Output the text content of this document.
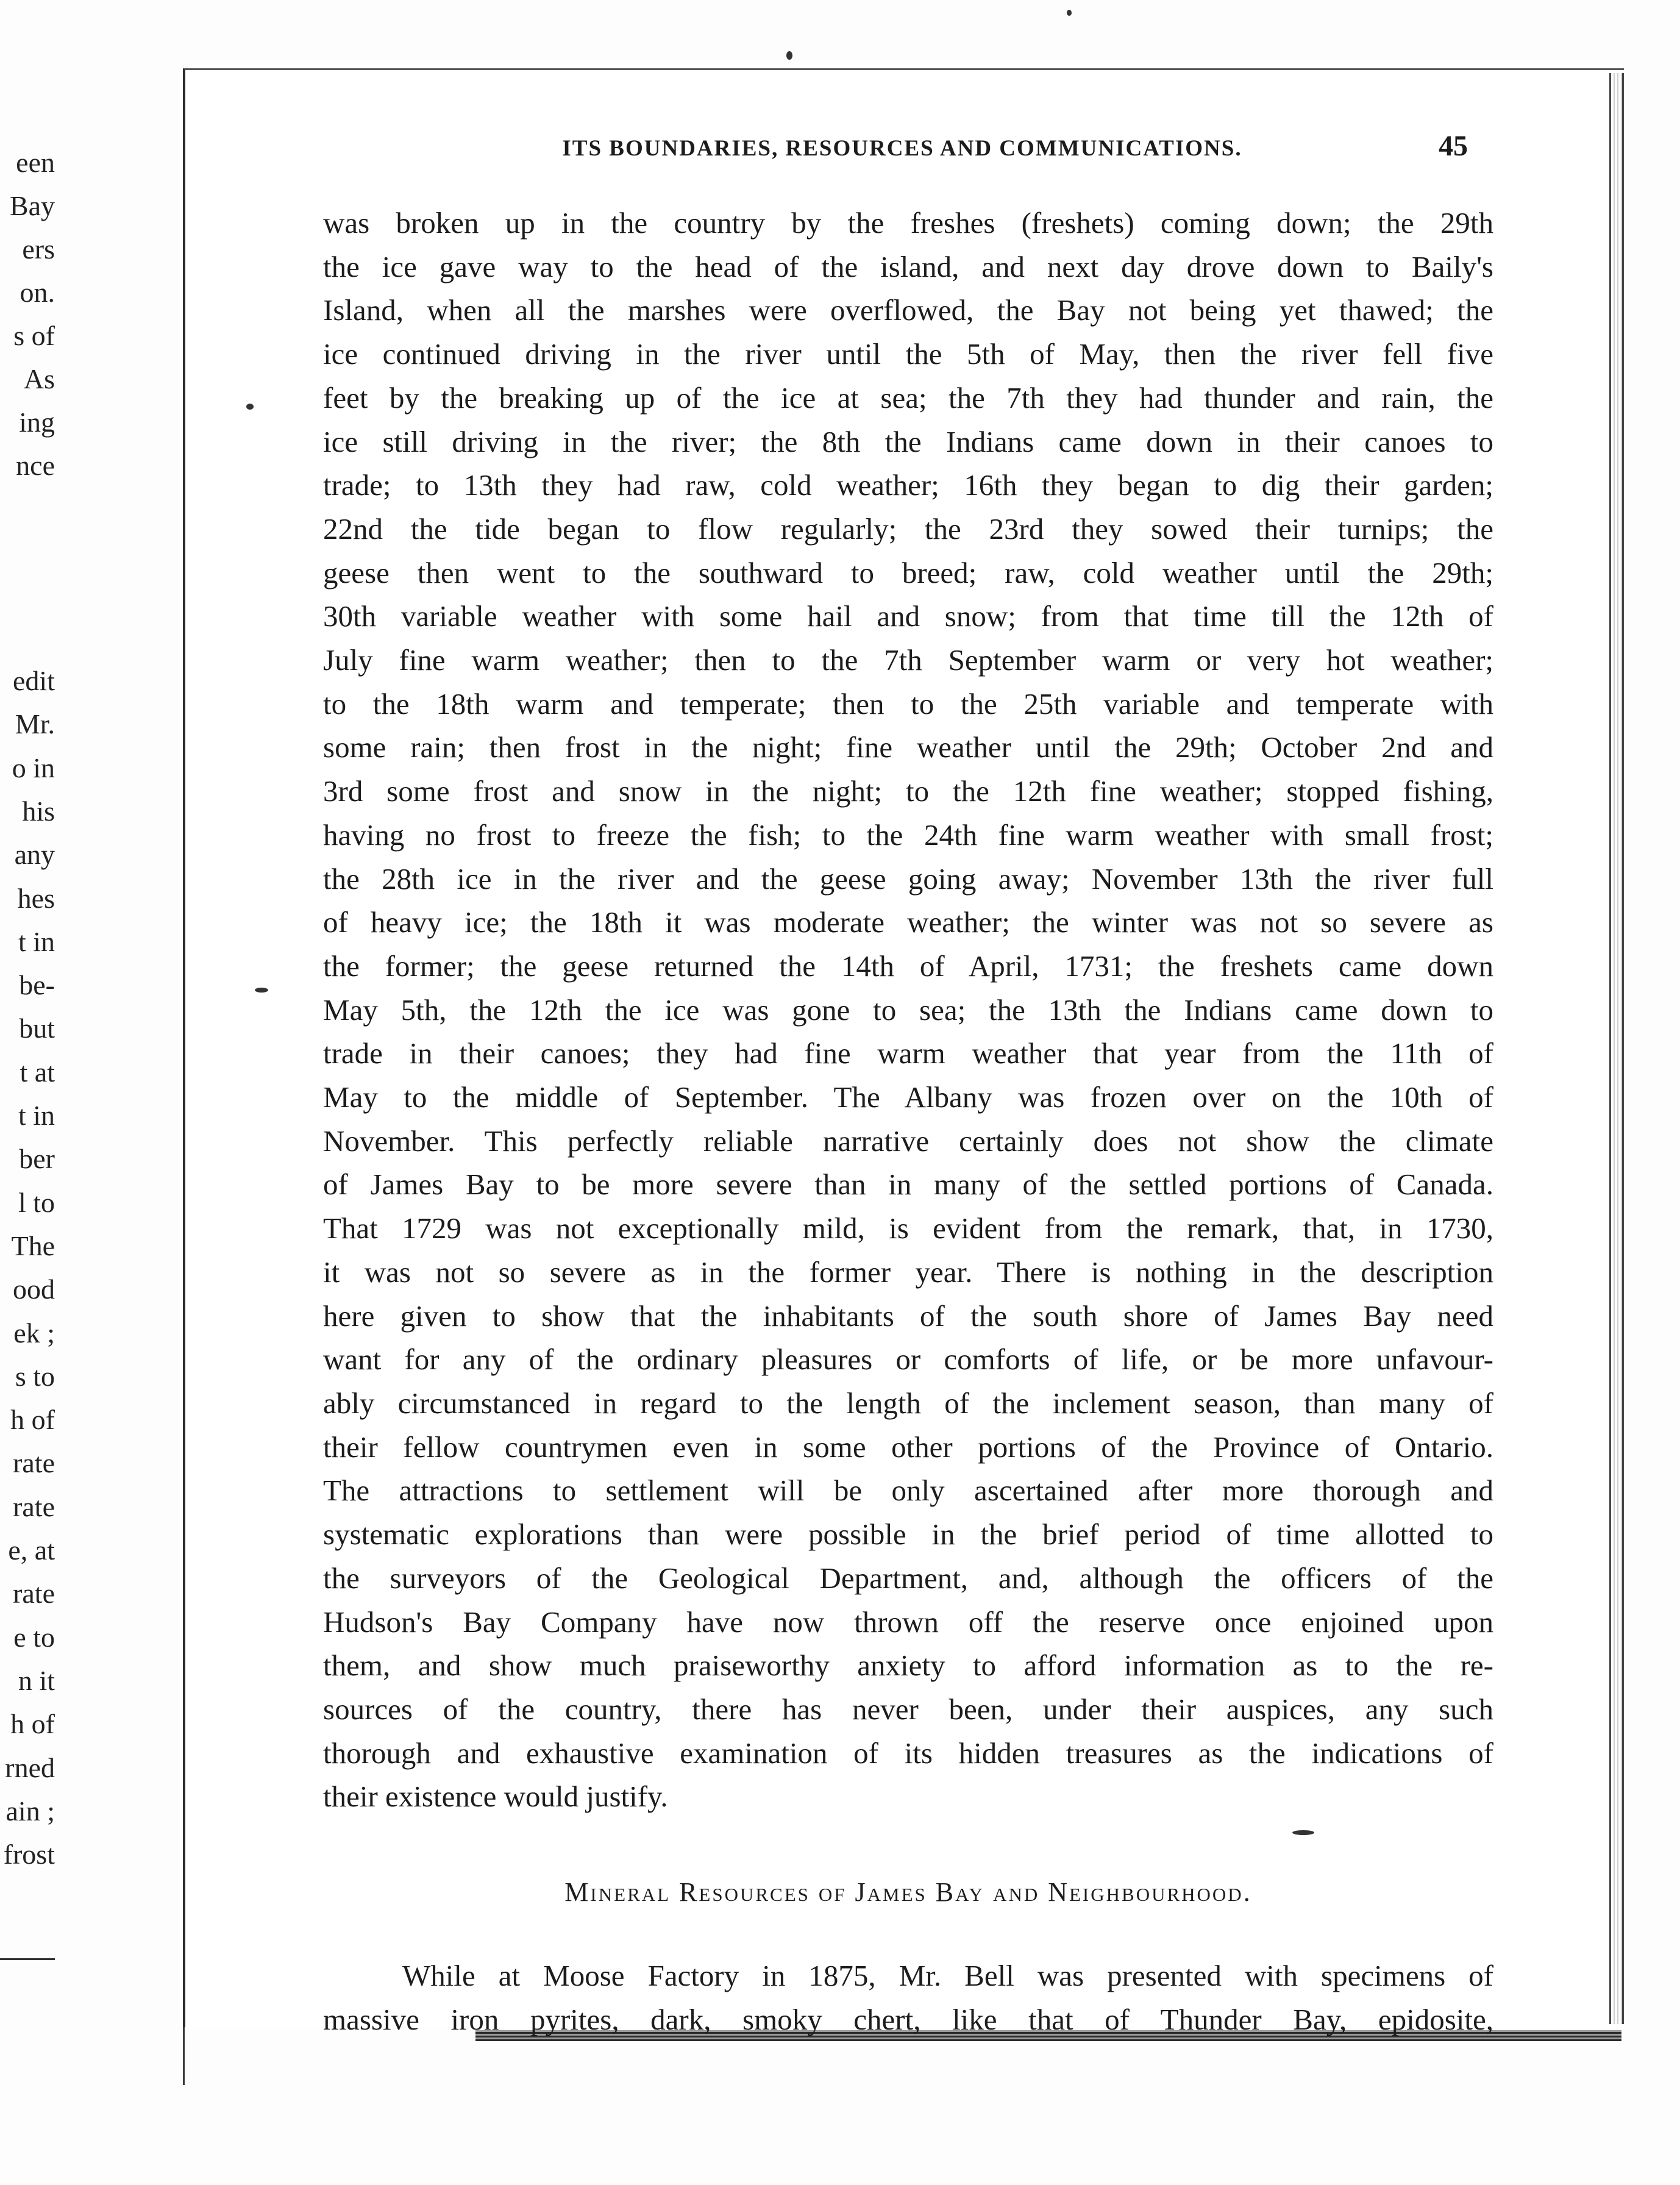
een
Bay
ers
on.
s of
As
ing
nce
edit
Mr.
o in
his
any
hes
t in
be-
but
t at
t in
ber
l to
The
ood
ek ;
s to
h of
rate
rate
e, at
rate
e to
n it
h of
rned
ain ;
frost
ITS BOUNDARIES, RESOURCES AND COMMUNICATIONS.	45
was broken up in the country by the freshes (freshets) coming down; the 29th
the ice gave way to the head of the island, and next day drove down to Baily's
Island, when all the marshes were overflowed, the Bay not being yet thawed; the
ice continued driving in the river until the 5th of May, then the river fell five
feet by the breaking up of the ice at sea; the 7th they had thunder and rain, the
ice still driving in the river; the 8th the Indians came down in their canoes to
trade; to 13th they had raw, cold weather; 16th they began to dig their garden;
22nd the tide began to flow regularly; the 23rd they sowed their turnips; the
geese then went to the southward to breed; raw, cold weather until the 29th;
30th variable weather with some hail and snow; from that time till the 12th of
July fine warm weather; then to the 7th September warm or very hot weather;
to the 18th warm and temperate; then to the 25th variable and temperate with
some rain; then frost in the night; fine weather until the 29th; October 2nd and
3rd some frost and snow in the night; to the 12th fine weather; stopped fishing,
having no frost to freeze the fish; to the 24th fine warm weather with small frost;
the 28th ice in the river and the geese going away; November 13th the river full
of heavy ice; the 18th it was moderate weather; the winter was not so severe as
the former; the geese returned the 14th of April, 1731; the freshets came down
May 5th, the 12th the ice was gone to sea; the 13th the Indians came down to
trade in their canoes; they had fine warm weather that year from the 11th of
May to the middle of September. The Albany was frozen over on the 10th of
November. This perfectly reliable narrative certainly does not show the climate
of James Bay to be more severe than in many of the settled portions of Canada.
That 1729 was not exceptionally mild, is evident from the remark, that, in 1730,
it was not so severe as in the former year. There is nothing in the description
here given to show that the inhabitants of the south shore of James Bay need
want for any of the ordinary pleasures or comforts of life, or be more unfavour-
ably circumstanced in regard to the length of the inclement season, than many of
their fellow countrymen even in some other portions of the Province of Ontario.
The attractions to settlement will be only ascertained after more thorough and
systematic explorations than were possible in the brief period of time allotted to
the surveyors of the Geological Department, and, although the officers of the
Hudson's Bay Company have now thrown off the reserve once enjoined upon
them, and show much praiseworthy anxiety to afford information as to the re-
sources of the country, there has never been, under their auspices, any such
thorough and exhaustive examination of its hidden treasures as the indications of
their existence would justify.
Mineral Resources of James Bay and Neighbourhood.
While at Moose Factory in 1875, Mr. Bell was presented with specimens of
massive iron pyrites, dark, smoky chert, like that of Thunder Bay, epidosite,
